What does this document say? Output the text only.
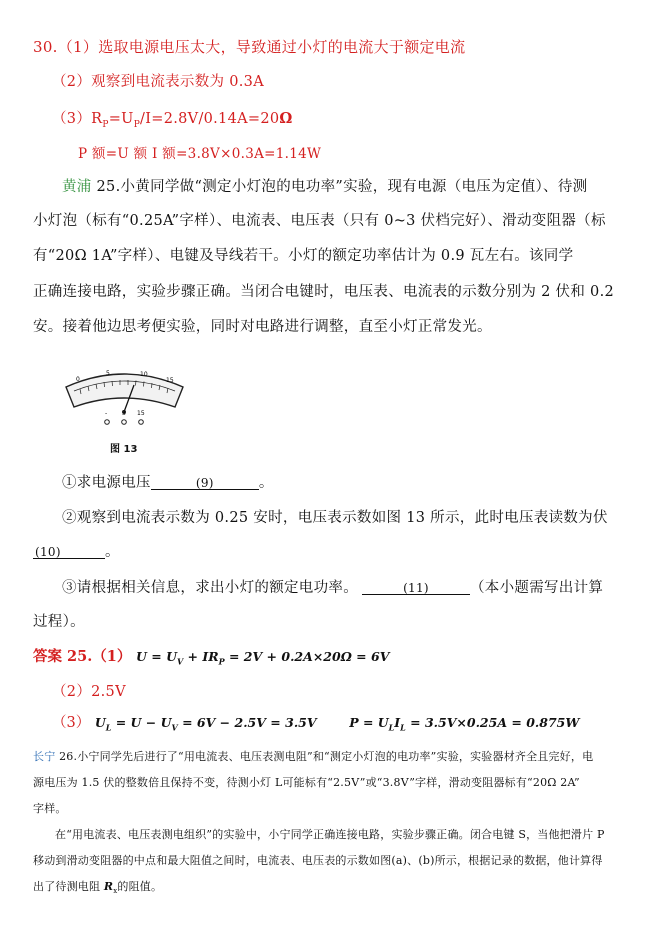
30.（1）选取电源电压太大，导致通过小灯的电流大于额定电流
（2）观察到电流表示数为 0.3A
$(3)R_P=U_P/I=2.8V/0.14A=20\Omega$
P 额=U 额 I 额=3.8V×0.3A=1.14W
黄浦 25.小黄同学做“测定小灯泡的电功率”实验，现有电源（电压为定值）、待测
小灯泡（标有“0.25A”字样）、电流表、电压表（只有 0~3 伏档完好）、滑动变阻器（标
有“20Ω 1A”字样）、电键及导线若干。小灯的额定功率估计为 0.9 瓦左右。该同学
正确连接电路，实验步骤正确。当闭合电键时，电压表、电流表的示数分别为 2 伏和 0.2
安。接着他边思考便实验，同时对电路进行调整，直至小灯正常发光。
0
5	10
15
- 3 15
图 13
①求电源电压	(9)	。
②观察到电流表示数为 0.25 安时，电压表示数如图 13 所示，此时电压表读数为伏
(10)	。
③请根据相关信息，求出小灯的额定电功率。	(11)	（本小题需写出计算
过程）。
答案 25.（1） $U = U_V + IR_P = 2V + 0.2A\times 20\Omega = 6V$
（2）2.5V
（3） $U_L = U - U_V = 6V - 2.5V = 3.5V$	$P = U_LI_L = 3.5V\times 0.25A = 0.875W$
长宁 26.小宁同学先后进行了“用电流表、电压表测电阻”和“测定小灯泡的电功率”实验，实验器材齐全且完好，电
源电压为 1.5 伏的整数倍且保持不变，待测小灯 L可能标有“2.5V”或“3.8V”字样，滑动变阻器标有“20Ω 2A”
字样。
在“用电流表、电压表测电组织”的实验中，小宁同学正确连接电路，实验步骤正确。闭合电键 S，当他把滑片 P
移动到滑动变阻器的中点和最大阻值之间时，电流表、电压表的示数如图(a)、(b)所示，根据记录的数据，他计算得
出了待测电阻 $R_x$的阻值。
